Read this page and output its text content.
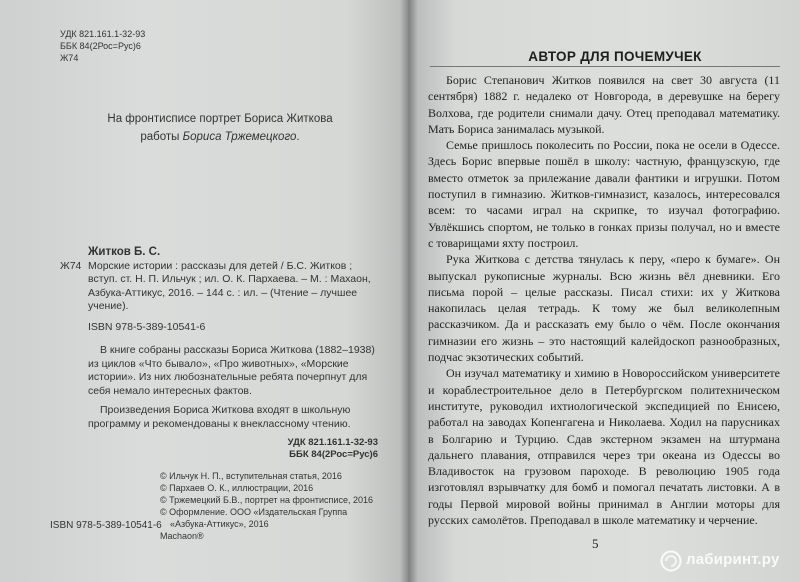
УДК 821.161.1-32-93
ББК 84(2Рос=Рус)6
Ж74
На фронтисписе портрет Бориса Житкова
работы Бориса Тржемецкого.
Житков Б. С.
Ж74 Морские истории : рассказы для детей / Б.С. Житков ; вступ. ст. Н. П. Ильчук ; ил. О. К. Пархаева. – М. : Махаон, Азбука-Аттикус, 2016. – 144 с. : ил. – (Чтение – лучшее учение).
ISBN 978-5-389-10541-6

В книге собраны рассказы Бориса Житкова (1882–1938) из циклов «Что бывало», «Про животных», «Морские истории». Из них любознательные ребята почерпнут для себя немало интересных фактов.

Произведения Бориса Житкова входят в школьную программу и рекомендованы к внеклассному чтению.

УДК 821.161.1-32-93
ББК 84(2Рос=Рус)6
© Ильчук Н. П., вступительная статья, 2016
© Пархаев О. К., иллюстрации, 2016
© Тржемецкий Б.В., портрет на фронтисписе, 2016
© Оформление. ООО «Издательская Группа
«Азбука-Аттикус», 2016
Machaon®
ISBN 978-5-389-10541-6
АВТОР ДЛЯ ПОЧЕМУЧЕК

Борис Степанович Житков появился на свет 30 августа (11 сентября) 1882 г. недалеко от Новгорода, в деревушке на берегу Волхова, где родители снимали дачу. Отец преподавал математику. Мать Бориса занималась музыкой.

Семье пришлось поколесить по России, пока не осели в Одессе. Здесь Борис впервые пошёл в школу: частную, французскую, где вместо отметок за прилежание давали фантики и игрушки. Потом поступил в гимназию. Житков-гимназист, казалось, интересовался всем: то часами играл на скрипке, то изучал фотографию. Увлёкшись спортом, не только в гонках призы получал, но и вместе с товарищами яхту построил.

Рука Житкова с детства тянулась к перу, «перо к бумаге». Он выпускал рукописные журналы. Всю жизнь вёл дневники. Его письма порой – целые рассказы. Писал стихи: их у Житкова накопилась целая тетрадь. К тому же был великолепным рассказчиком. Да и рассказать ему было о чём. После окончания гимназии его жизнь – это настоящий калейдоскоп разнообразных, подчас экзотических событий.

Он изучал математику и химию в Новороссийском университете и кораблестроительное дело в Петербургском политехническом институте, руководил ихтиологической экспедицией по Енисею, работал на заводах Копенгагена и Николаева. Ходил на парусниках в Болгарию и Турцию. Сдав экстерном экзамен на штурмана дальнего плавания, отправился через три океана из Одессы во Владивосток на грузовом пароходе. В революцию 1905 года изготовлял взрывчатку для бомб и помогал печатать листовки. А в годы Первой мировой войны принимал в Англии моторы для русских самолётов. Преподавал в школе математику и черчение.

5
лабиринт.ру
